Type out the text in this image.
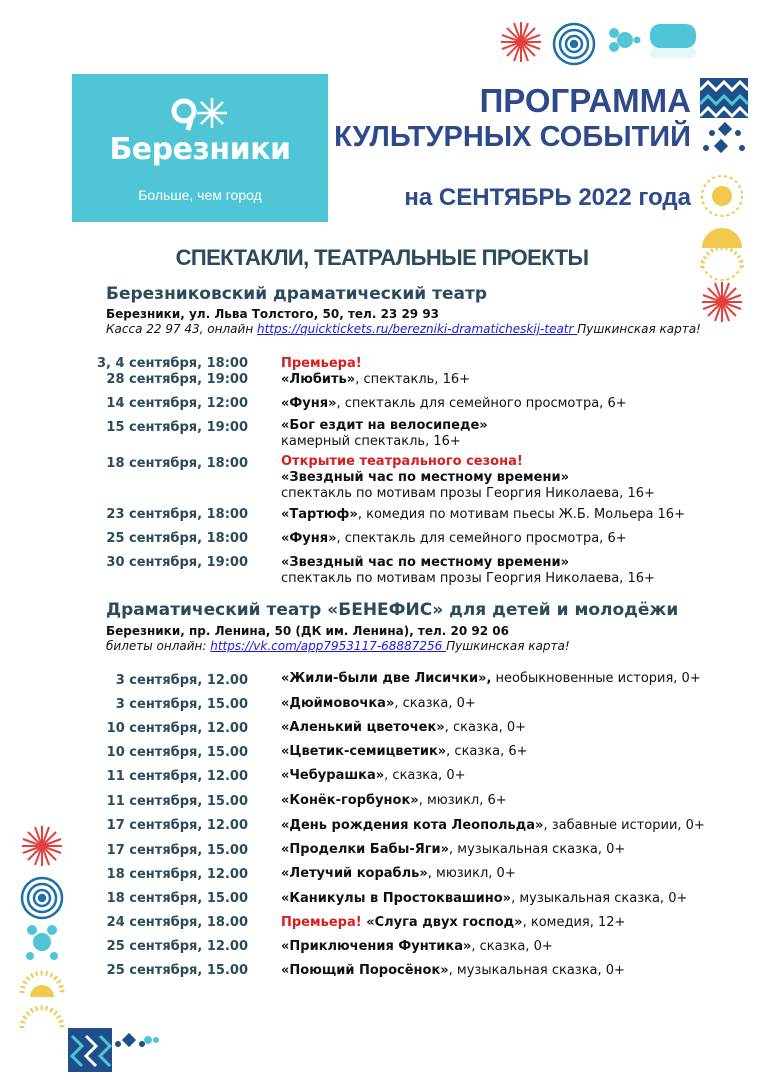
Березники
Больше, чем город
ПРОГРАММА
КУЛЬТУРНЫХ СОБЫТИЙ
на СЕНТЯБРЬ 2022 года
СПЕКТАКЛИ, ТЕАТРАЛЬНЫЕ ПРОЕКТЫ
Березниковский драматический театр
Березники, ул. Льва Толстого, 50, тел. 23 29 93
Касса 22 97 43, онлайн https://quicktickets.ru/berezniki-dramaticheskij-teatr Пушкинская карта!
3, 4 сентября, 18:00	Премьера!
28 сентября, 19:00	«Любить», спектакль, 16+
14 сентября, 12:00	«Фуня», спектакль для семейного просмотра, 6+
15 сентября, 19:00	«Бог ездит на велосипеде»
камерный спектакль, 16+
18 сентября, 18:00	Открытие театрального сезона!
«Звездный час по местному времени»
спектакль по мотивам прозы Георгия Николаева, 16+
23 сентября, 18:00	«Тартюф», комедия по мотивам пьесы Ж.Б. Мольера 16+
25 сентября, 18:00	«Фуня», спектакль для семейного просмотра, 6+
30 сентября, 19:00	«Звездный час по местному времени»
спектакль по мотивам прозы Георгия Николаева, 16+
Драматический театр «БЕНЕФИС» для детей и молодёжи
Березники, пр. Ленина, 50 (ДК им. Ленина), тел. 20 92 06
билеты онлайн: https://vk.com/app7953117-68887256 Пушкинская карта!
3 сентября, 12.00	«Жили-были две Лисички», необыкновенные история, 0+
3 сентября, 15.00	«Дюймовочка», сказка, 0+
10 сентября, 12.00	«Аленький цветочек», сказка, 0+
10 сентября, 15.00	«Цветик-семицветик», сказка, 6+
11 сентября, 12.00	«Чебурашка», сказка, 0+
11 сентября, 15.00	«Конёк-горбунок», мюзикл, 6+
17 сентября, 12.00	«День рождения кота Леопольда», забавные истории, 0+
17 сентября, 15.00	«Проделки Бабы-Яги», музыкальная сказка, 0+
18 сентября, 12.00	«Летучий корабль», мюзикл, 0+
18 сентября, 15.00	«Каникулы в Простоквашино», музыкальная сказка, 0+
24 сентября, 18.00	Премьера! «Слуга двух господ», комедия, 12+
25 сентября, 12.00	«Приключения Фунтика», сказка, 0+
25 сентября, 15.00	«Поющий Поросёнок», музыкальная сказка, 0+
